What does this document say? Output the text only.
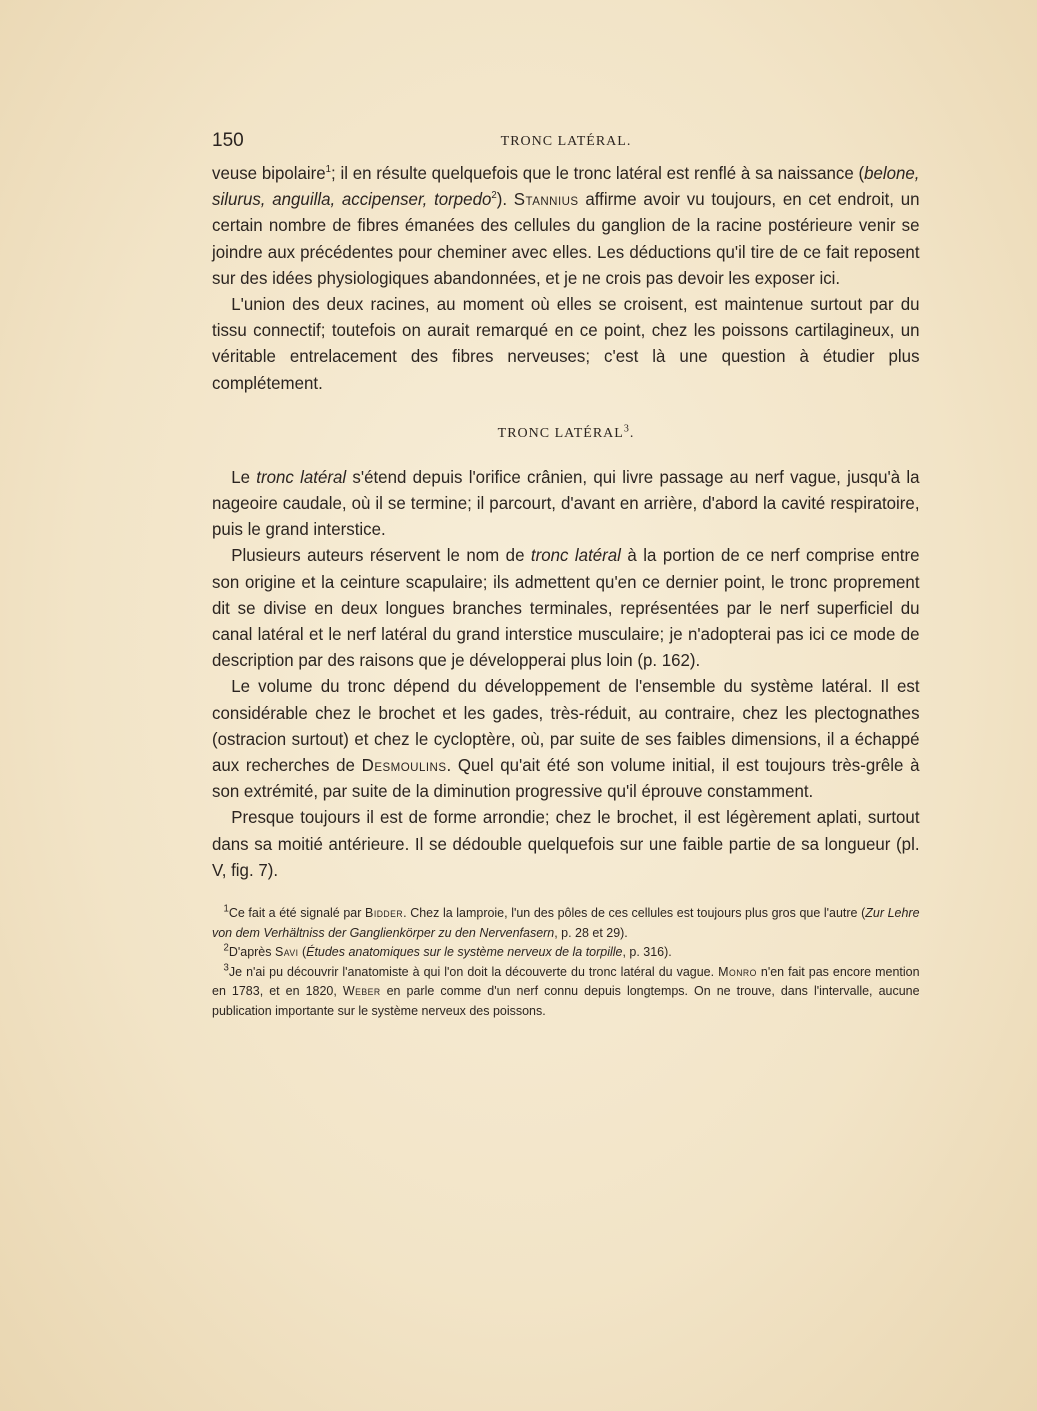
150	TRONC LATÉRAL.

veuse bipolaire$^1$; il en résulte quelquefois que le tronc latéral est renflé à sa naissance (belone, silurus, anguilla, accipenser, torpedo$^2$). Stannius affirme avoir vu toujours, en cet endroit, un certain nombre de fibres émanées des cellules du ganglion de la racine postérieure venir se joindre aux précédentes pour cheminer avec elles. Les déductions qu'il tire de ce fait reposent sur des idées physiologiques abandonnées, et je ne crois pas devoir les exposer ici.

L'union des deux racines, au moment où elles se croisent, est maintenue surtout par du tissu connectif; toutefois on aurait remarqué en ce point, chez les poissons cartilagineux, un véritable entrelacement des fibres nerveuses; c'est là une question à étudier plus complétement.

TRONC LATÉRAL$^3$.

Le tronc latéral s'étend depuis l'orifice crânien, qui livre passage au nerf vague, jusqu'à la nageoire caudale, où il se termine; il parcourt, d'avant en arrière, d'abord la cavité respiratoire, puis le grand interstice.

Plusieurs auteurs réservent le nom de tronc latéral à la portion de ce nerf comprise entre son origine et la ceinture scapulaire; ils admettent qu'en ce dernier point, le tronc proprement dit se divise en deux longues branches terminales, représentées par le nerf superficiel du canal latéral et le nerf latéral du grand interstice musculaire; je n'adopterai pas ici ce mode de description par des raisons que je développerai plus loin (p. 162).

Le volume du tronc dépend du développement de l'ensemble du système latéral. Il est considérable chez le brochet et les gades, très-réduit, au contraire, chez les plectognathes (ostracion surtout) et chez le cycloptère, où, par suite de ses faibles dimensions, il a échappé aux recherches de Desmoulins. Quel qu'ait été son volume initial, il est toujours très-grêle à son extrémité, par suite de la diminution progressive qu'il éprouve constamment.

Presque toujours il est de forme arrondie; chez le brochet, il est légèrement aplati, surtout dans sa moitié antérieure. Il se dédouble quelquefois sur une faible partie de sa longueur (pl. V, fig. 7).

$^1$Ce fait a été signalé par Bidder. Chez la lamproie, l'un des pôles de ces cellules est toujours plus gros que l'autre (Zur Lehre von dem Verhältniss der Ganglienkörper zu den Nervenfasern, p. 28 et 29).

$^2$D'après Savi (Études anatomiques sur le système nerveux de la torpille, p. 316).

$^3$Je n'ai pu découvrir l'anatomiste à qui l'on doit la découverte du tronc latéral du vague. Monro n'en fait pas encore mention en 1783, et en 1820, Weber en parle comme d'un nerf connu depuis longtemps. On ne trouve, dans l'intervalle, aucune publication importante sur le système nerveux des poissons.
